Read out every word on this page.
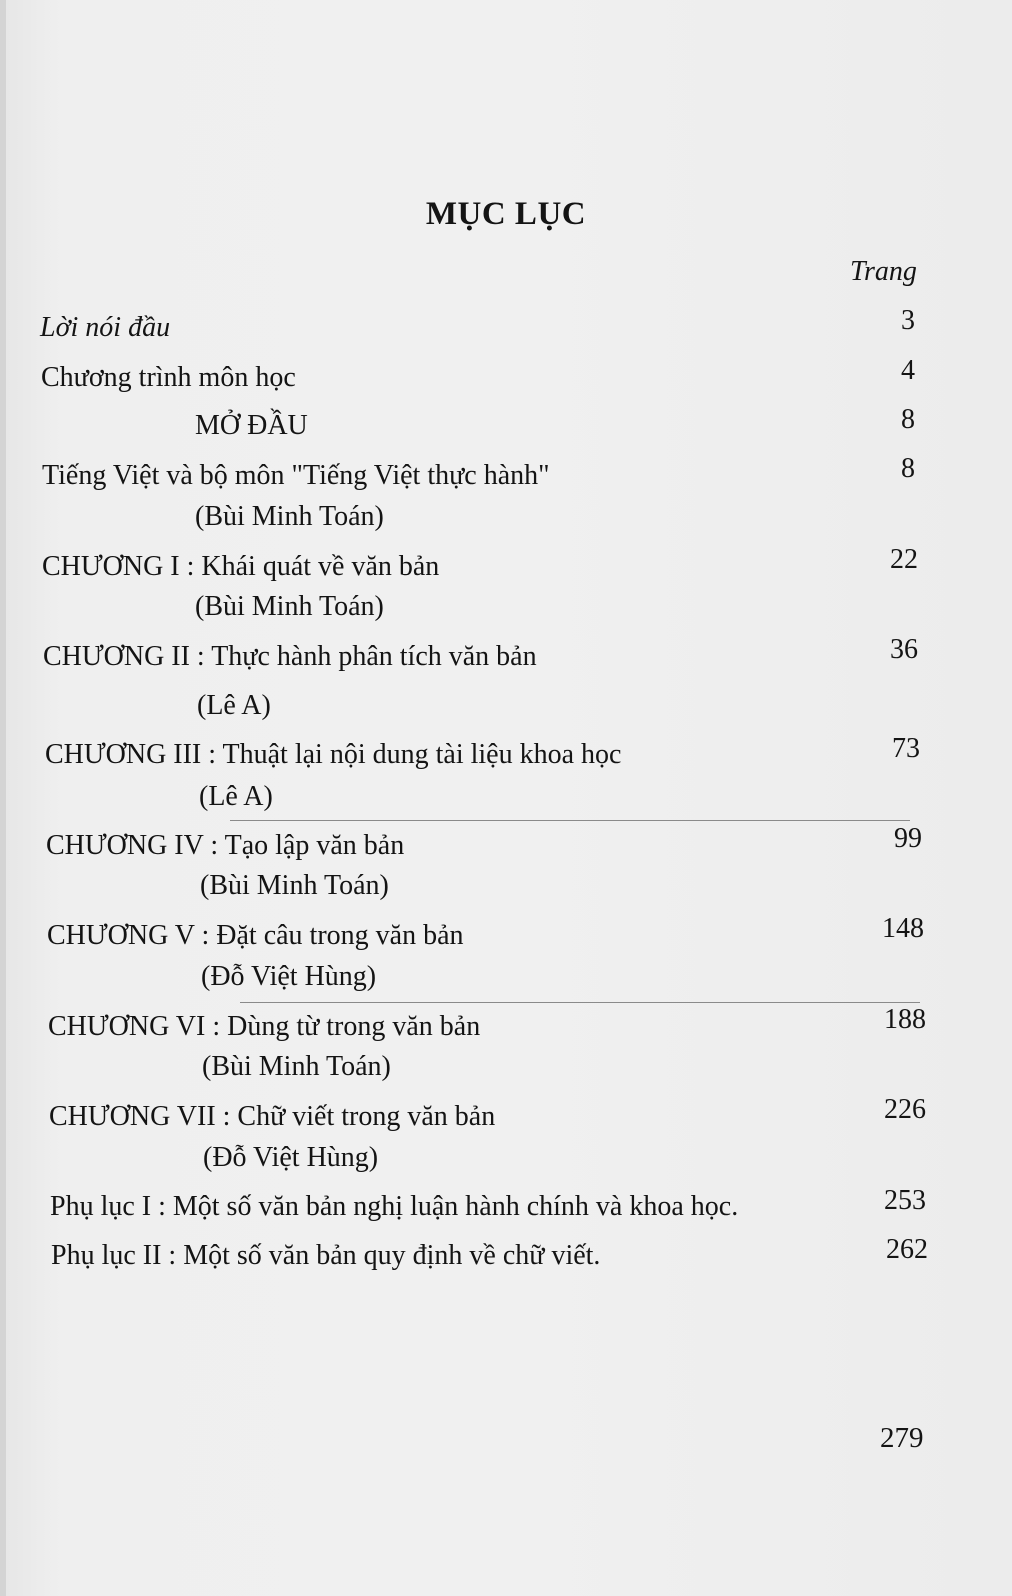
MỤC LỤC
Trang
Lời nói đầu	3
Chương trình môn học	4
MỞ ĐẦU	8
Tiếng Việt và bộ môn "Tiếng Việt thực hành"	8
(Bùi Minh Toán)
CHƯƠNG I : Khái quát về văn bản	22
(Bùi Minh Toán)
CHƯƠNG II : Thực hành phân tích văn bản	36
(Lê A)
CHƯƠNG III : Thuật lại nội dung tài liệu khoa học	73
(Lê A)
CHƯƠNG IV : Tạo lập văn bản	99
(Bùi Minh Toán)
CHƯƠNG V : Đặt câu trong văn bản	148
(Đỗ Việt Hùng)
CHƯƠNG VI : Dùng từ trong văn bản	188
(Bùi Minh Toán)
CHƯƠNG VII : Chữ viết trong văn bản	226
(Đỗ Việt Hùng)
Phụ lục I : Một số văn bản nghị luận hành chính và khoa học.	253
Phụ lục II : Một số văn bản quy định về chữ viết.	262
279
